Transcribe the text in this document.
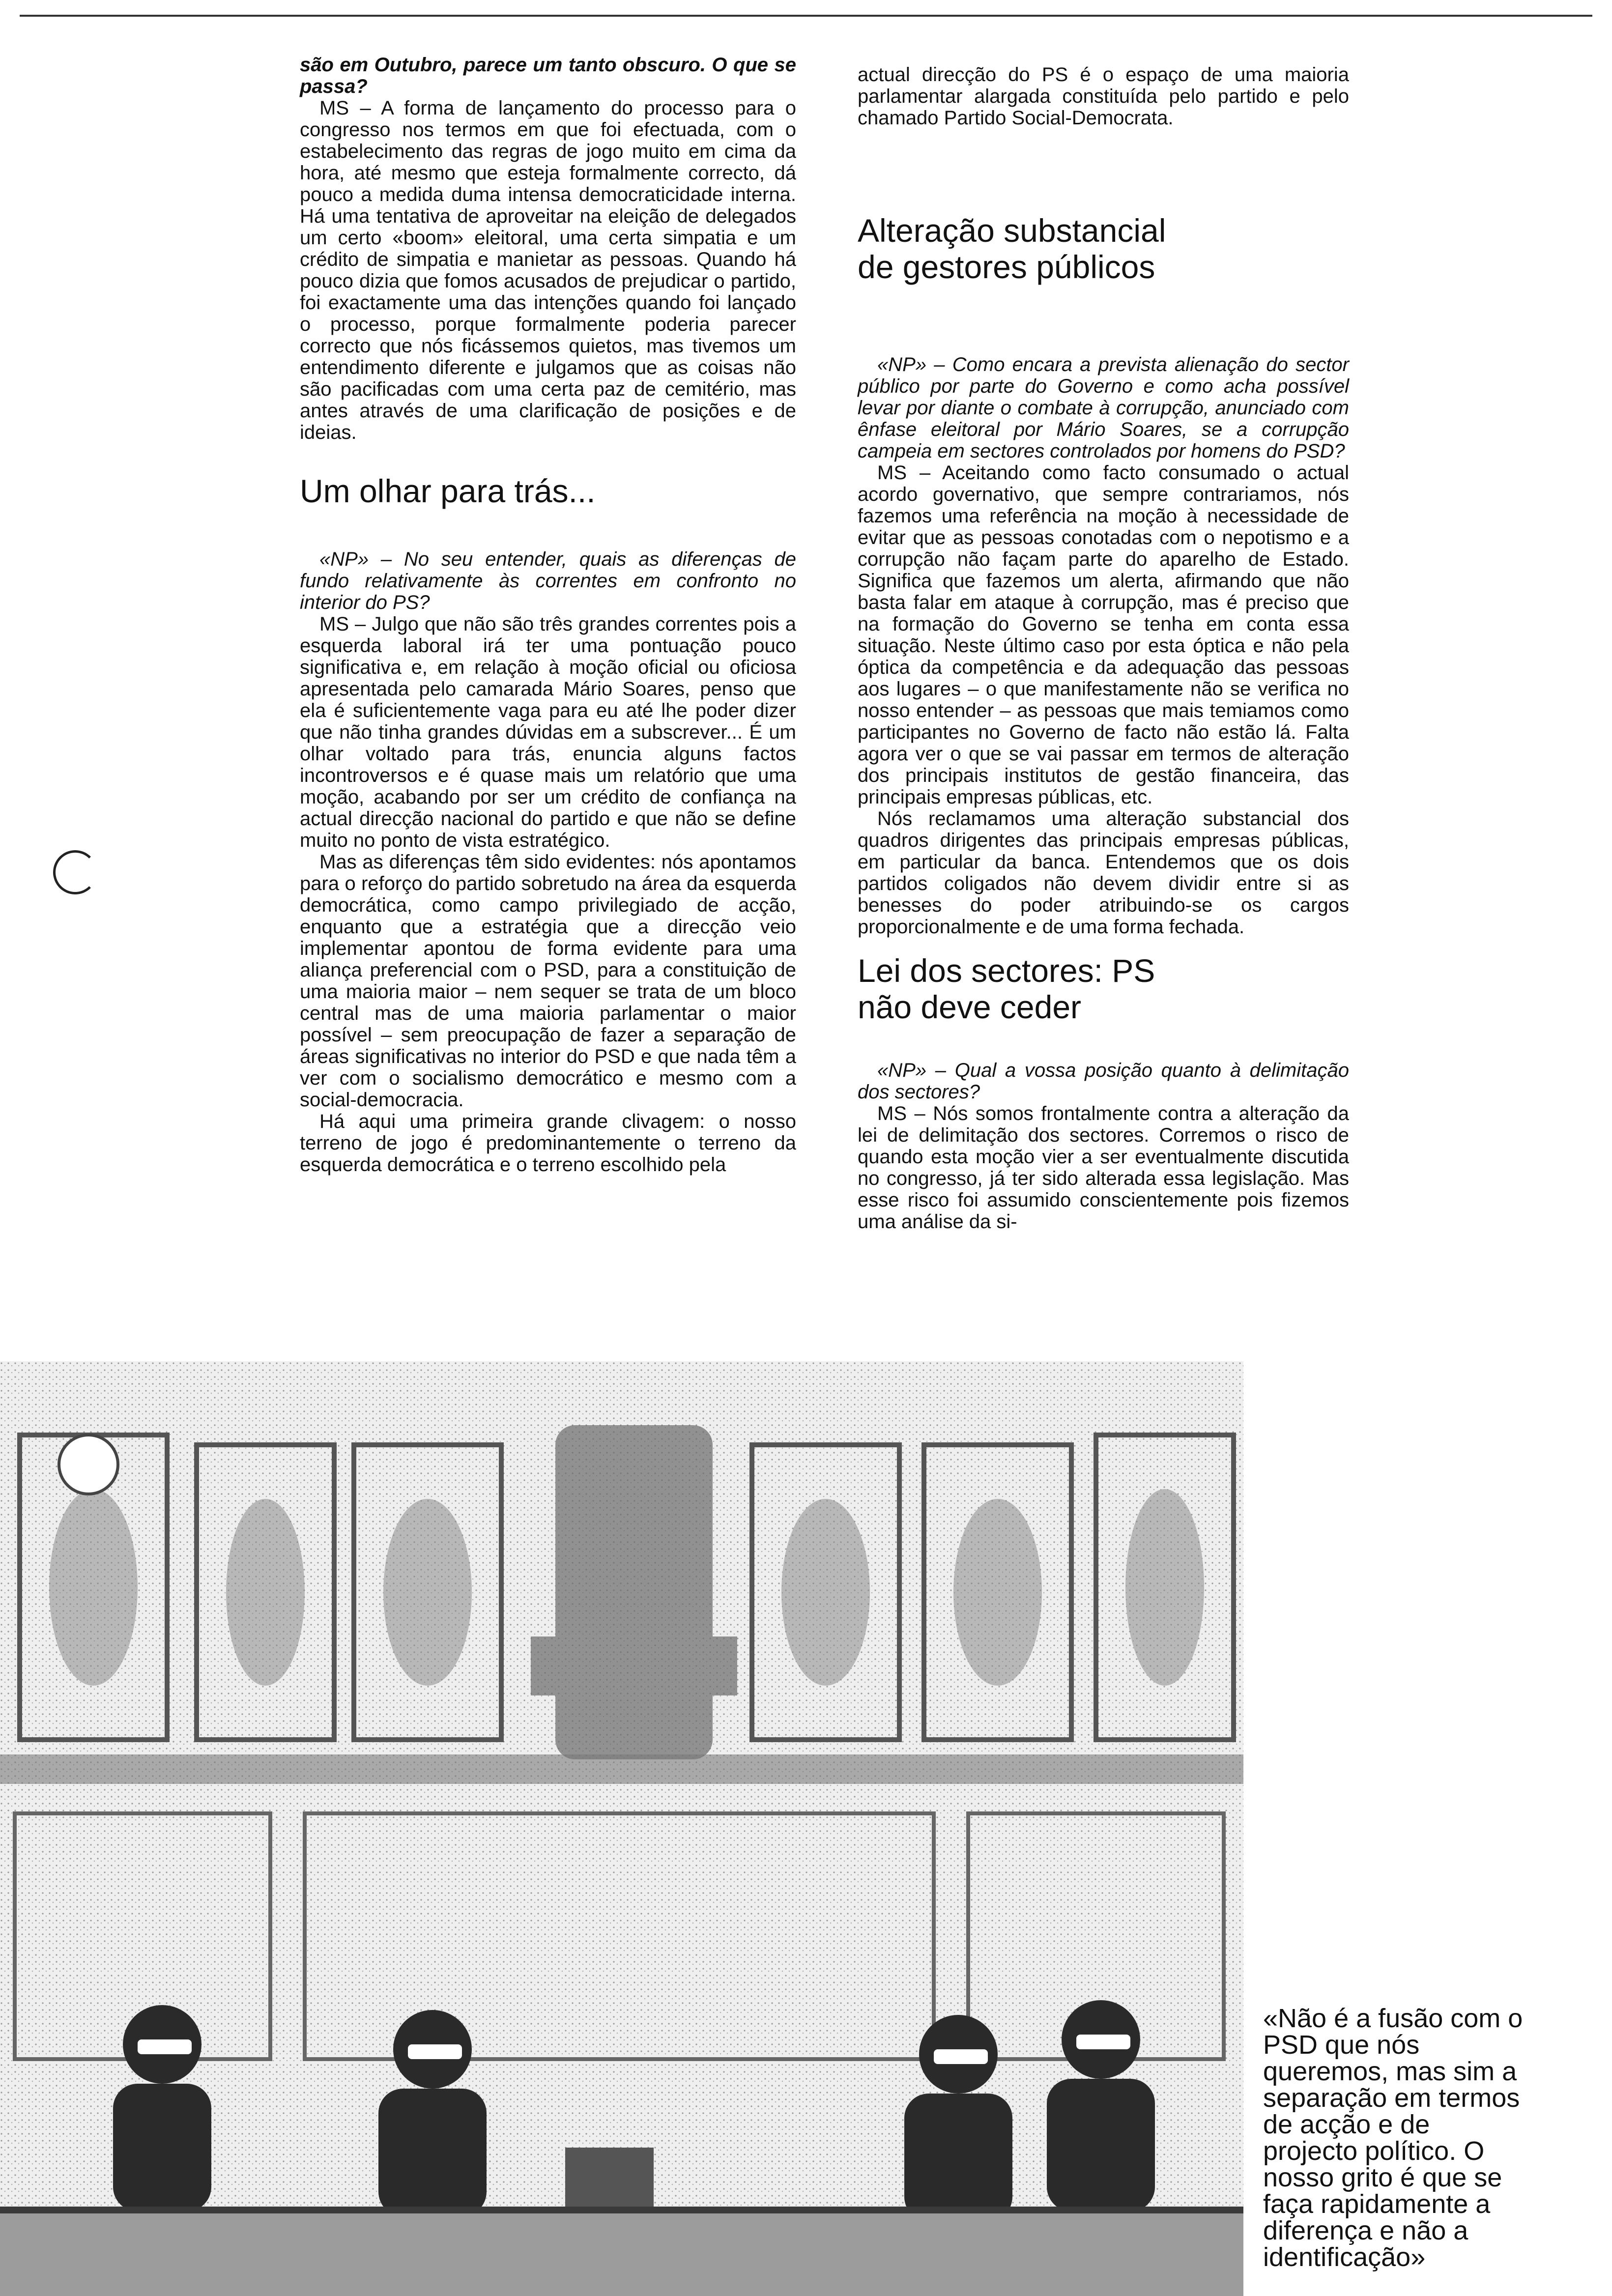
são em Outubro, parece um tanto obscuro. O que se passa?

MS – A forma de lançamento do processo para o congresso nos termos em que foi efectuada, com o estabelecimento das regras de jogo muito em cima da hora, até mesmo que esteja formalmente correcto, dá pouco a medida duma intensa democraticidade interna. Há uma tentativa de aproveitar na eleição de delegados um certo «boom» eleitoral, uma certa simpatia e um crédito de simpatia e manietar as pessoas. Quando há pouco dizia que fomos acusados de prejudicar o partido, foi exactamente uma das intenções quando foi lançado o processo, porque formalmente poderia parecer correcto que nós ficássemos quietos, mas tivemos um entendimento diferente e julgamos que as coisas não são pacificadas com uma certa paz de cemitério, mas antes através de uma clarificação de posições e de ideias.

Um olhar para trás...

«NP» – No seu entender, quais as diferenças de fundo relativamente às correntes em confronto no interior do PS?

MS – Julgo que não são três grandes correntes pois a esquerda laboral irá ter uma pontuação pouco significativa e, em relação à moção oficial ou oficiosa apresentada pelo camarada Mário Soares, penso que ela é suficientemente vaga para eu até lhe poder dizer que não tinha grandes dúvidas em a subscrever... É um olhar voltado para trás, enuncia alguns factos incontroversos e é quase mais um relatório que uma moção, acabando por ser um crédito de confiança na actual direcção nacional do partido e que não se define muito no ponto de vista estratégico.

Mas as diferenças têm sido evidentes: nós apontamos para o reforço do partido sobretudo na área da esquerda democrática, como campo privilegiado de acção, enquanto que a estratégia que a direcção veio implementar apontou de forma evidente para uma aliança preferencial com o PSD, para a constituição de uma maioria maior – nem sequer se trata de um bloco central mas de uma maioria parlamentar o maior possível – sem preocupação de fazer a separação de áreas significativas no interior do PSD e que nada têm a ver com o socialismo democrático e mesmo com a social-democracia.

Há aqui uma primeira grande clivagem: o nosso terreno de jogo é predominantemente o terreno da esquerda democrática e o terreno escolhido pela

actual direcção do PS é o espaço de uma maioria parlamentar alargada constituída pelo partido e pelo chamado Partido Social-Democrata.

Alteração substancial de gestores públicos

«NP» – Como encara a prevista alienação do sector público por parte do Governo e como acha possível levar por diante o combate à corrupção, anunciado com ênfase eleitoral por Mário Soares, se a corrupção campeia em sectores controlados por homens do PSD?

MS – Aceitando como facto consumado o actual acordo governativo, que sempre contrariamos, nós fazemos uma referência na moção à necessidade de evitar que as pessoas conotadas com o nepotismo e a corrupção não façam parte do aparelho de Estado. Significa que fazemos um alerta, afirmando que não basta falar em ataque à corrupção, mas é preciso que na formação do Governo se tenha em conta essa situação. Neste último caso por esta óptica e não pela óptica da competência e da adequação das pessoas aos lugares – o que manifestamente não se verifica no nosso entender – as pessoas que mais temiamos como participantes no Governo de facto não estão lá. Falta agora ver o que se vai passar em termos de alteração dos principais institutos de gestão financeira, das principais empresas públicas, etc.

Nós reclamamos uma alteração substancial dos quadros dirigentes das principais empresas públicas, em particular da banca. Entendemos que os dois partidos coligados não devem dividir entre si as benesses do poder atribuindo-se os cargos proporcionalmente e de uma forma fechada.

Lei dos sectores: PS não deve ceder

«NP» – Qual a vossa posição quanto à delimitação dos sectores?

MS – Nós somos frontalmente contra a alteração da lei de delimitação dos sectores. Corremos o risco de quando esta moção vier a ser eventualmente discutida no congresso, já ter sido alterada essa legislação. Mas esse risco foi assumido conscientemente pois fizemos uma análise da si-

«Não é a fusão com o PSD que nós queremos, mas sim a separação em termos de acção e de projecto político. O nosso grito é que se faça rapidamente a diferença e não a identificação»
